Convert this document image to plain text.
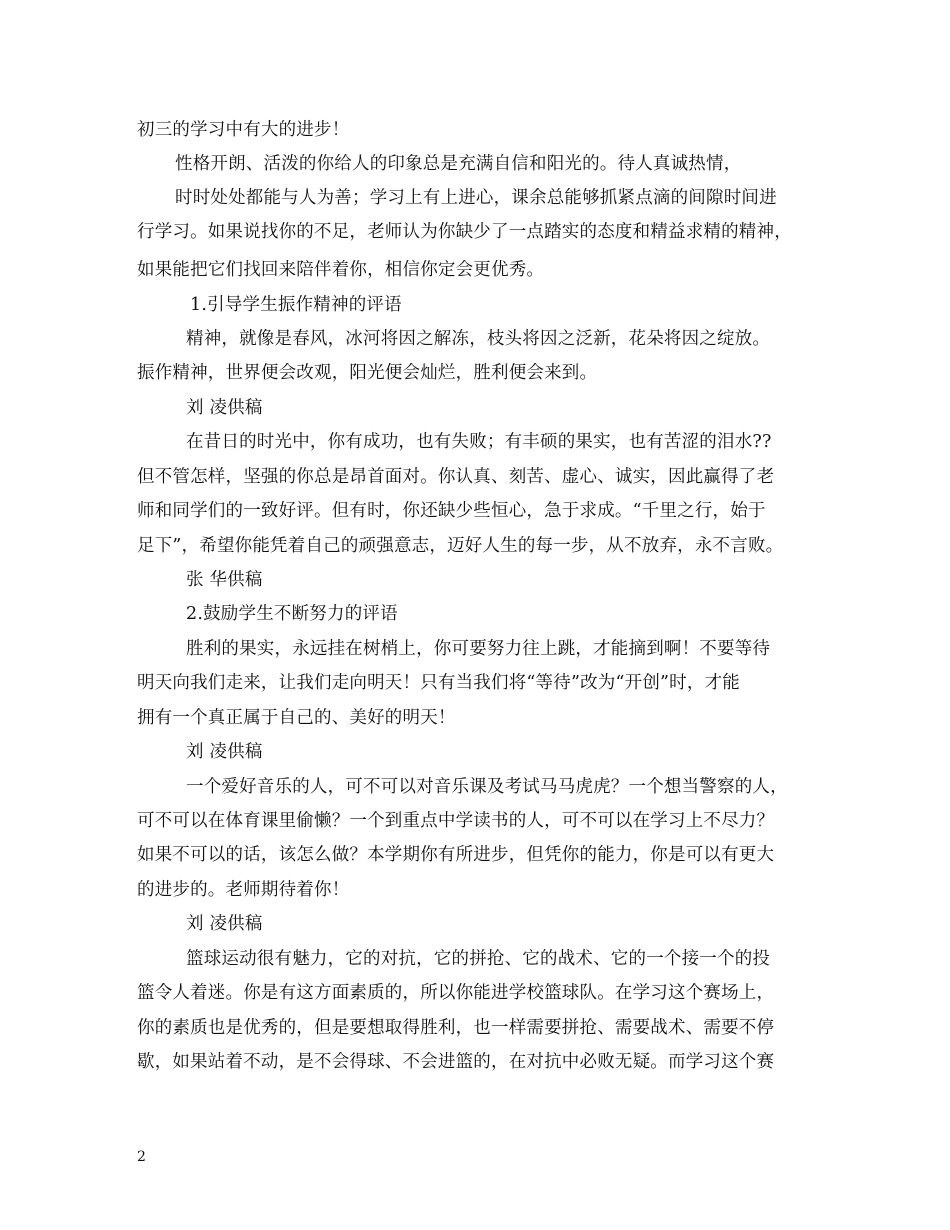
初三的学习中有大的进步！
性格开朗、活泼的你给人的印象总是充满自信和阳光的。待人真诚热情，
时时处处都能与人为善；学习上有上进心，课余总能够抓紧点滴的间隙时间进
行学习。如果说找你的不足，老师认为你缺少了一点踏实的态度和精益求精的精神，
如果能把它们找回来陪伴着你，相信你定会更优秀。
1.引导学生振作精神的评语
精神，就像是春风，冰河将因之解冻，枝头将因之泛新，花朵将因之绽放。
振作精神，世界便会改观，阳光便会灿烂，胜利便会来到。
刘 凌供稿
在昔日的时光中，你有成功，也有失败；有丰硕的果实，也有苦涩的泪水??
但不管怎样，坚强的你总是昂首面对。你认真、刻苦、虚心、诚实，因此赢得了老
师和同学们的一致好评。但有时，你还缺少些恒心，急于求成。“千里之行，始于
足下”，希望你能凭着自己的顽强意志，迈好人生的每一步，从不放弃，永不言败。
张 华供稿
2.鼓励学生不断努力的评语
胜利的果实，永远挂在树梢上，你可要努力往上跳，才能摘到啊！不要等待
明天向我们走来，让我们走向明天！只有当我们将“等待”改为“开创”时，才能
拥有一个真正属于自己的、美好的明天！
刘 凌供稿
一个爱好音乐的人，可不可以对音乐课及考试马马虎虎？一个想当警察的人，
可不可以在体育课里偷懒？一个到重点中学读书的人，可不可以在学习上不尽力？
如果不可以的话，该怎么做？本学期你有所进步，但凭你的能力，你是可以有更大
的进步的。老师期待着你！
刘 凌供稿
篮球运动很有魅力，它的对抗，它的拼抢、它的战术、它的一个接一个的投
篮令人着迷。你是有这方面素质的，所以你能进学校篮球队。在学习这个赛场上，
你的素质也是优秀的，但是要想取得胜利，也一样需要拼抢、需要战术、需要不停
歇，如果站着不动，是不会得球、不会进篮的，在对抗中必败无疑。而学习这个赛
2
